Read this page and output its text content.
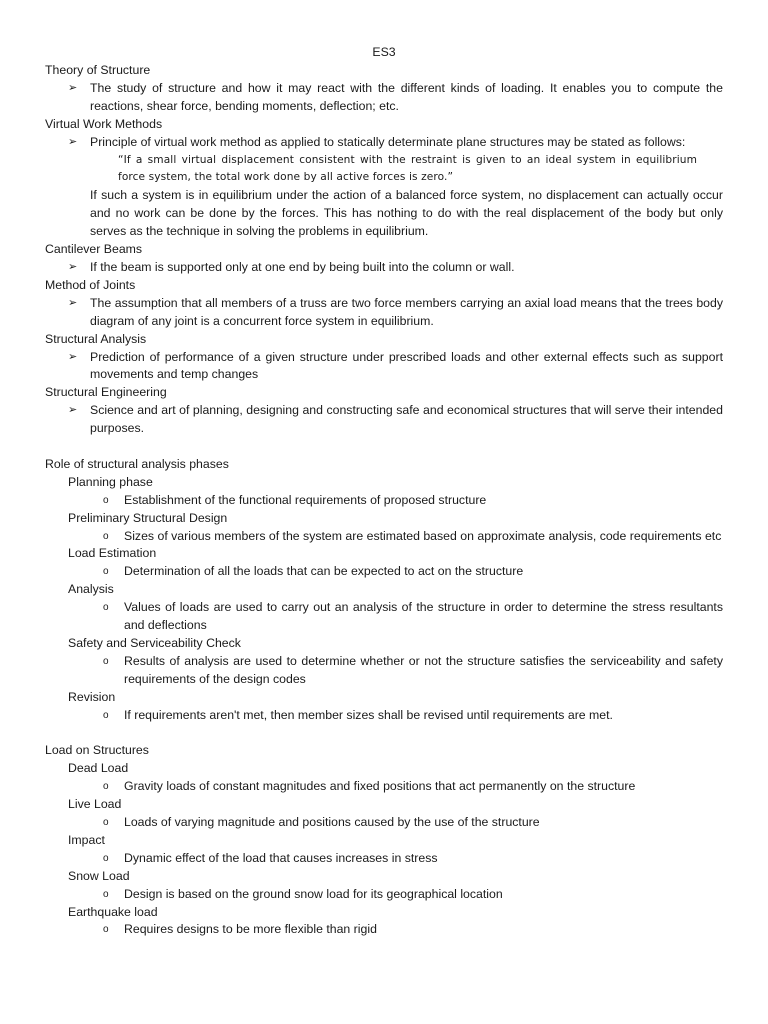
ES3
Theory of Structure
➢ The study of structure and how it may react with the different kinds of loading. It enables you to compute the reactions, shear force, bending moments, deflection; etc.
Virtual Work Methods
➢ Principle of virtual work method as applied to statically determinate plane structures may be stated as follows:
“If a small virtual displacement consistent with the restraint is given to an ideal system in equilibrium force system, the total work done by all active forces is zero.”
If such a system is in equilibrium under the action of a balanced force system, no displacement can actually occur and no work can be done by the forces. This has nothing to do with the real displacement of the body but only serves as the technique in solving the problems in equilibrium.
Cantilever Beams
➢ If the beam is supported only at one end by being built into the column or wall.
Method of Joints
➢ The assumption that all members of a truss are two force members carrying an axial load means that the trees body diagram of any joint is a concurrent force system in equilibrium.
Structural Analysis
➢ Prediction of performance of a given structure under prescribed loads and other external effects such as support movements and temp changes
Structural Engineering
➢ Science and art of planning, designing and constructing safe and economical structures that will serve their intended purposes.
Role of structural analysis phases
Planning phase
o Establishment of the functional requirements of proposed structure
Preliminary Structural Design
o Sizes of various members of the system are estimated based on approximate analysis, code requirements etc
Load Estimation
o Determination of all the loads that can be expected to act on the structure
Analysis
o Values of loads are used to carry out an analysis of the structure in order to determine the stress resultants and deflections
Safety and Serviceability Check
o Results of analysis are used to determine whether or not the structure satisfies the serviceability and safety requirements of the design codes
Revision
o If requirements aren't met, then member sizes shall be revised until requirements are met.
Load on Structures
Dead Load
o Gravity loads of constant magnitudes and fixed positions that act permanently on the structure
Live Load
o Loads of varying magnitude and positions caused by the use of the structure
Impact
o Dynamic effect of the load that causes increases in stress
Snow Load
o Design is based on the ground snow load for its geographical location
Earthquake load
o Requires designs to be more flexible than rigid
